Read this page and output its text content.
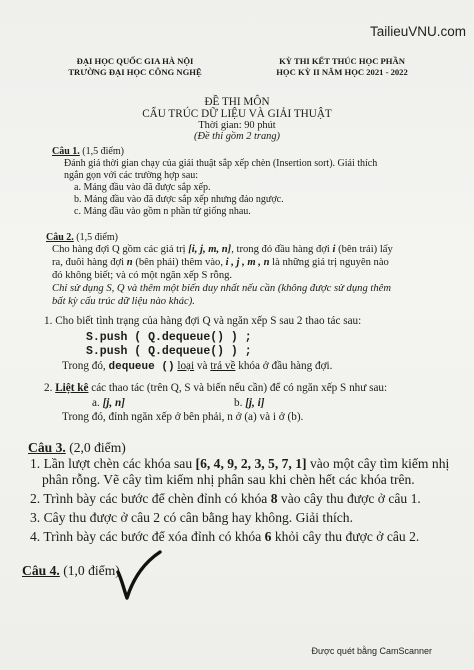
TailieuVNU.com
ĐẠI HỌC QUỐC GIA HÀ NỘI
TRƯỜNG ĐẠI HỌC CÔNG NGHỆ
KỲ THI KẾT THÚC HỌC PHẦN
HỌC KỲ II NĂM HỌC 2021 - 2022
ĐỀ THI MÔN
CẤU TRÚC DỮ LIỆU VÀ GIẢI THUẬT
Thời gian: 90 phút
(Đề thi gồm 2 trang)
Câu 1. (1,5 điểm)
Đánh giá thời gian chạy của giải thuật sắp xếp chèn (Insertion sort). Giải thích
ngắn gọn với các trường hợp sau:
a. Mảng đầu vào đã được sắp xếp.
b. Mảng đầu vào đã được sắp xếp nhưng đảo ngược.
c. Mảng đầu vào gồm n phần tử giống nhau.
Câu 2. (1,5 điểm)
Cho hàng đợi Q gồm các giá trị [i, j, m, n], trong đó đầu hàng đợi i (bên trái) lấy
ra, đuôi hàng đợi n (bên phải) thêm vào, i , j , m , n là những giá trị nguyên nào
đó không biết; và có một ngăn xếp S rỗng.
Chỉ sử dụng S, Q và thêm một biến duy nhất nếu cần (không được sử dụng thêm
bất kỳ cấu trúc dữ liệu nào khác).
1. Cho biết tình trạng của hàng đợi Q và ngăn xếp S sau 2 thao tác sau:
S.push ( Q.dequeue() ) ;
S.push ( Q.dequeue() ) ;
Trong đó, dequeue () loại và trả về khóa ở đầu hàng đợi.
2. Liệt kê các thao tác (trên Q, S và biến nếu cần) để có ngăn xếp S như sau:
a. [j, n]	b. [j, i]
Trong đó, đỉnh ngăn xếp ở bên phải, n ở (a) và i ở (b).
Câu 3. (2,0 điểm)
1. Lần lượt chèn các khóa sau [6, 4, 9, 2, 3, 5, 7, 1] vào một cây tìm kiếm nhị
phân rỗng. Vẽ cây tìm kiếm nhị phân sau khi chèn hết các khóa trên.
2. Trình bày các bước để chèn đỉnh có khóa 8 vào cây thu được ở câu 1.
3. Cây thu được ở câu 2 có cân bằng hay không. Giải thích.
4. Trình bày các bước để xóa đỉnh có khóa 6 khỏi cây thu được ở câu 2.
Câu 4. (1,0 điểm)
Được quét bằng CamScanner
